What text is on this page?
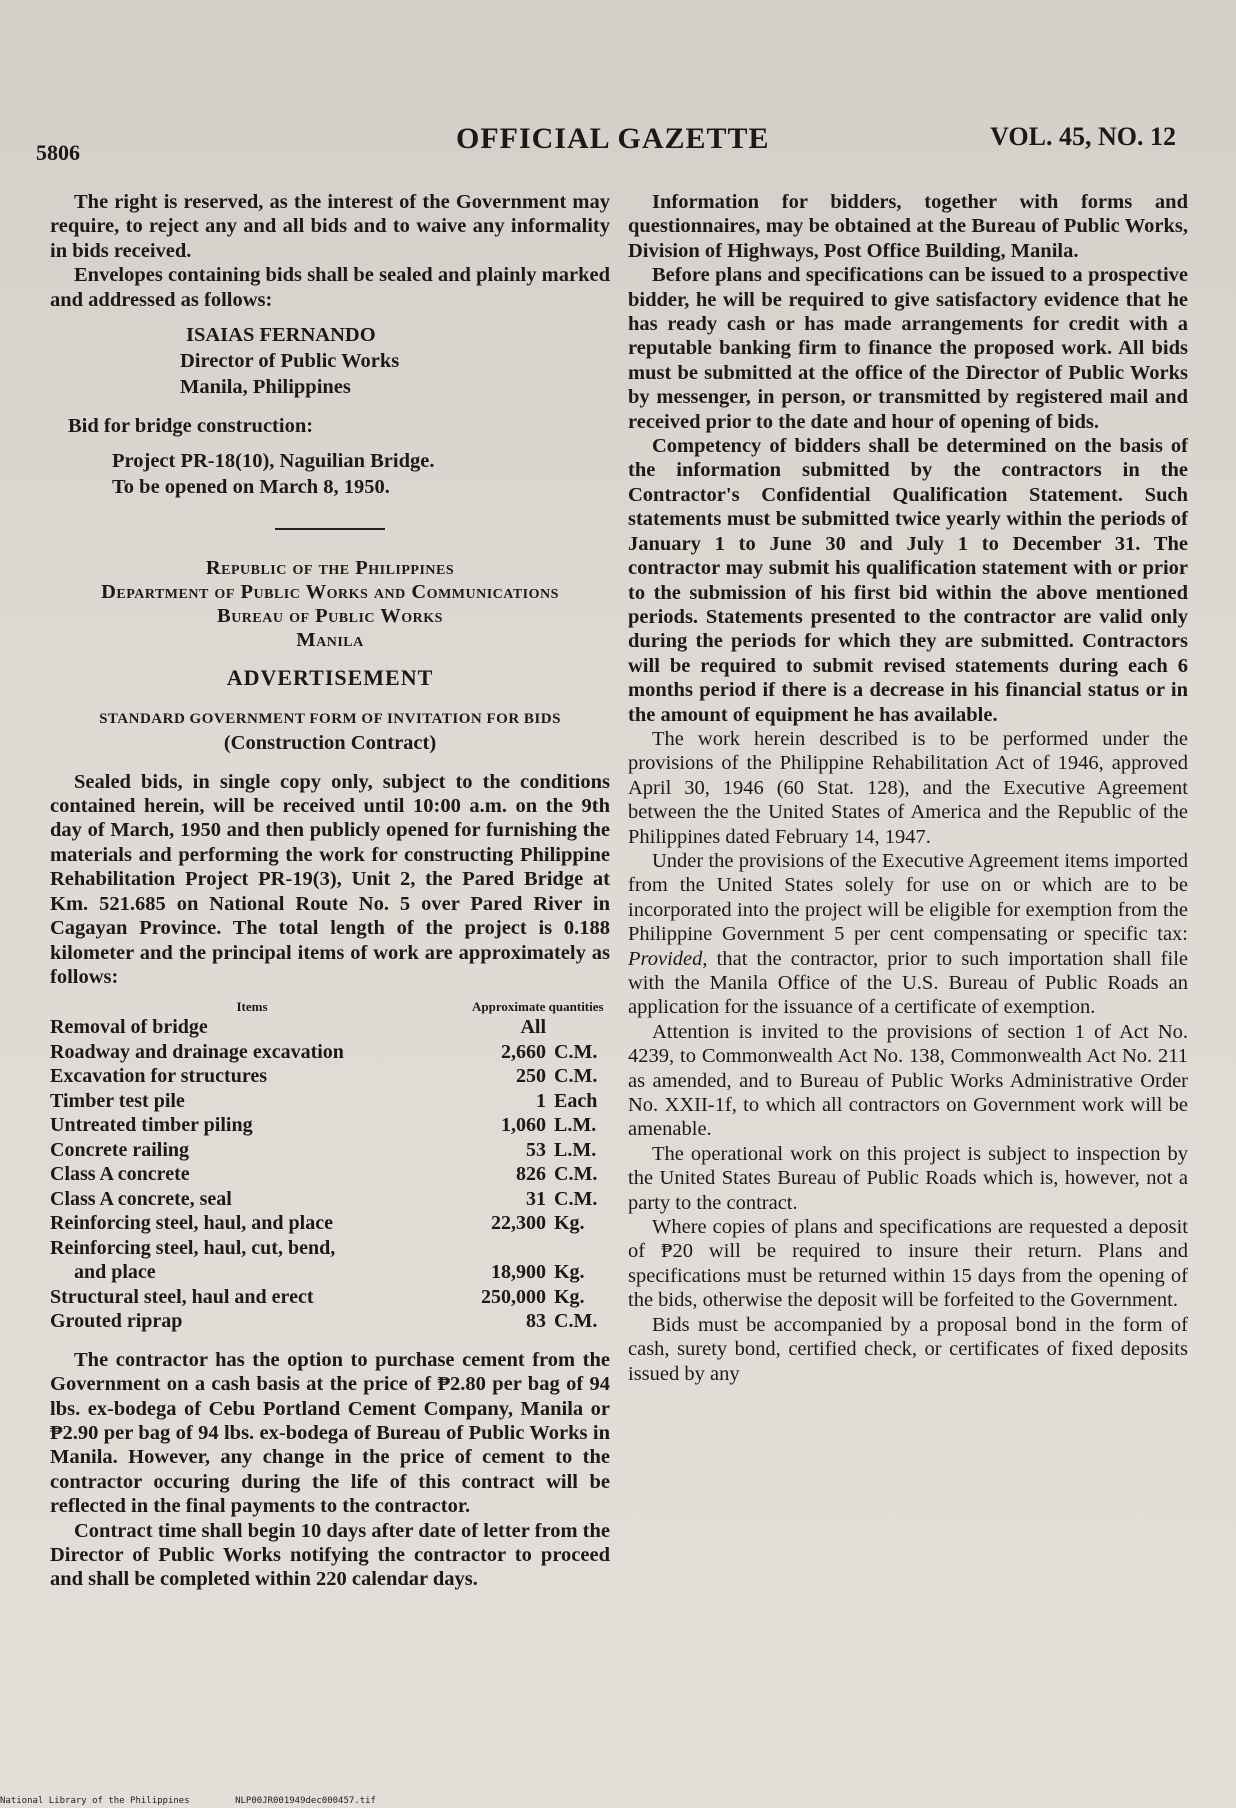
5806	OFFICIAL GAZETTE	VOL. 45, NO. 12

The right is reserved, as the interest of the Government may require, to reject any and all bids and to waive any informality in bids received.

Envelopes containing bids shall be sealed and plainly marked and addressed as follows:

ISAIAS FERNANDO
Director of Public Works
Manila, Philippines

Bid for bridge construction:

Project PR-18(10), Naguilian Bridge.
To be opened on March 8, 1950.
Republic of the Philippines
Department of Public Works and Communications
Bureau of Public Works
Manila
ADVERTISEMENT
STANDARD GOVERNMENT FORM OF INVITATION FOR BIDS
(Construction Contract)

Sealed bids, in single copy only, subject to the conditions contained herein, will be received until 10:00 a.m. on the 9th day of March, 1950 and then publicly opened for furnishing the materials and performing the work for constructing Philippine Rehabilitation Project PR-19(3), Unit 2, the Pared Bridge at Km. 521.685 on National Route No. 5 over Pared River in Cagayan Province. The total length of the project is 0.188 kilometer and the principal items of work are approximately as follows:

Items	Approximate quantities	
Removal of bridge	All	
Roadway and drainage excavation	2,660	C.M.
Excavation for structures	250	C.M.
Timber test pile	1	Each
Untreated timber piling	1,060	L.M.
Concrete railing	53	L.M.
Class A concrete	826	C.M.
Class A concrete, seal	31	C.M.
Reinforcing steel, haul, and place	22,300	Kg.
Reinforcing steel, haul, cut, bend,		
and place	18,900	Kg.
Structural steel, haul and erect	250,000	Kg.
Grouted riprap	83	C.M.

The contractor has the option to purchase cement from the Government on a cash basis at the price of ₱2.80 per bag of 94 lbs. ex-bodega of Cebu Portland Cement Company, Manila or ₱2.90 per bag of 94 lbs. ex-bodega of Bureau of Public Works in Manila. However, any change in the price of cement to the contractor occuring during the life of this contract will be reflected in the final payments to the contractor.

Contract time shall begin 10 days after date of letter from the Director of Public Works notifying the contractor to proceed and shall be completed within 220 calendar days.

Information for bidders, together with forms and questionnaires, may be obtained at the Bureau of Public Works, Division of Highways, Post Office Building, Manila.

Before plans and specifications can be issued to a prospective bidder, he will be required to give satisfactory evidence that he has ready cash or has made arrangements for credit with a reputable banking firm to finance the proposed work. All bids must be submitted at the office of the Director of Public Works by messenger, in person, or transmitted by registered mail and received prior to the date and hour of opening of bids.

Competency of bidders shall be determined on the basis of the information submitted by the contractors in the Contractor's Confidential Qualification Statement. Such statements must be submitted twice yearly within the periods of January 1 to June 30 and July 1 to December 31. The contractor may submit his qualification statement with or prior to the submission of his first bid within the above mentioned periods. Statements presented to the contractor are valid only during the periods for which they are submitted. Contractors will be required to submit revised statements during each 6 months period if there is a decrease in his financial status or in the amount of equipment he has available.

The work herein described is to be performed under the provisions of the Philippine Rehabilitation Act of 1946, approved April 30, 1946 (60 Stat. 128), and the Executive Agreement between the the United States of America and the Republic of the Philippines dated February 14, 1947.

Under the provisions of the Executive Agreement items imported from the United States solely for use on or which are to be incorporated into the project will be eligible for exemption from the Philippine Government 5 per cent compensating or specific tax: Provided, that the contractor, prior to such importation shall file with the Manila Office of the U.S. Bureau of Public Roads an application for the issuance of a certificate of exemption.

Attention is invited to the provisions of section 1 of Act No. 4239, to Commonwealth Act No. 138, Commonwealth Act No. 211 as amended, and to Bureau of Public Works Administrative Order No. XXII-1f, to which all contractors on Government work will be amenable.

The operational work on this project is subject to inspection by the United States Bureau of Public Roads which is, however, not a party to the contract.

Where copies of plans and specifications are requested a deposit of ₱20 will be required to insure their return. Plans and specifications must be returned within 15 days from the opening of the bids, otherwise the deposit will be forfeited to the Government.

Bids must be accompanied by a proposal bond in the form of cash, surety bond, certified check, or certificates of fixed deposits issued by any

National Library of the Philippines	NLP00JR001949dec000457.tif
